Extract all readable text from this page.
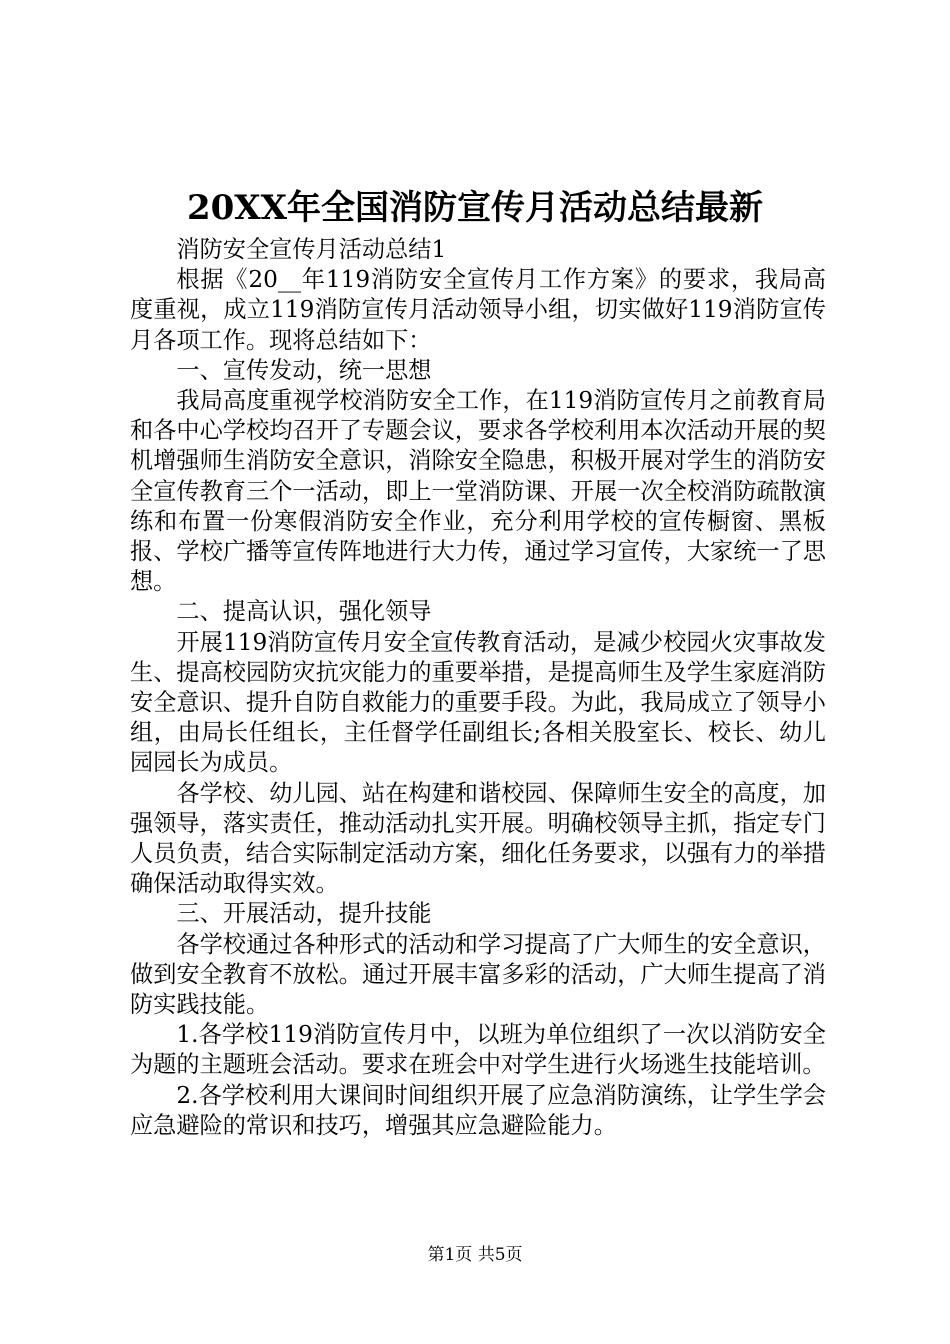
20XX年全国消防宣传月活动总结最新

消防安全宣传月活动总结1

根据《20__年119消防安全宣传月工作方案》的要求，我局高度重视，成立119消防宣传月活动领导小组，切实做好119消防宣传月各项工作。现将总结如下：

一、宣传发动，统一思想

我局高度重视学校消防安全工作，在119消防宣传月之前教育局和各中心学校均召开了专题会议，要求各学校利用本次活动开展的契机增强师生消防安全意识，消除安全隐患，积极开展对学生的消防安全宣传教育三个一活动，即上一堂消防课、开展一次全校消防疏散演练和布置一份寒假消防安全作业，充分利用学校的宣传橱窗、黑板报、学校广播等宣传阵地进行大力传，通过学习宣传，大家统一了思想。

二、提高认识，强化领导

开展119消防宣传月安全宣传教育活动，是减少校园火灾事故发生、提高校园防灾抗灾能力的重要举措，是提高师生及学生家庭消防安全意识、提升自防自救能力的重要手段。为此，我局成立了领导小组，由局长任组长，主任督学任副组长;各相关股室长、校长、幼儿园园长为成员。

各学校、幼儿园、站在构建和谐校园、保障师生安全的高度，加强领导，落实责任，推动活动扎实开展。明确校领导主抓，指定专门人员负责，结合实际制定活动方案，细化任务要求，以强有力的举措确保活动取得实效。

三、开展活动，提升技能

各学校通过各种形式的活动和学习提高了广大师生的安全意识，做到安全教育不放松。通过开展丰富多彩的活动，广大师生提高了消防实践技能。

1.各学校119消防宣传月中，以班为单位组织了一次以消防安全为题的主题班会活动。要求在班会中对学生进行火场逃生技能培训。

2.各学校利用大课间时间组织开展了应急消防演练，让学生学会应急避险的常识和技巧，增强其应急避险能力。

第1页 共5页
